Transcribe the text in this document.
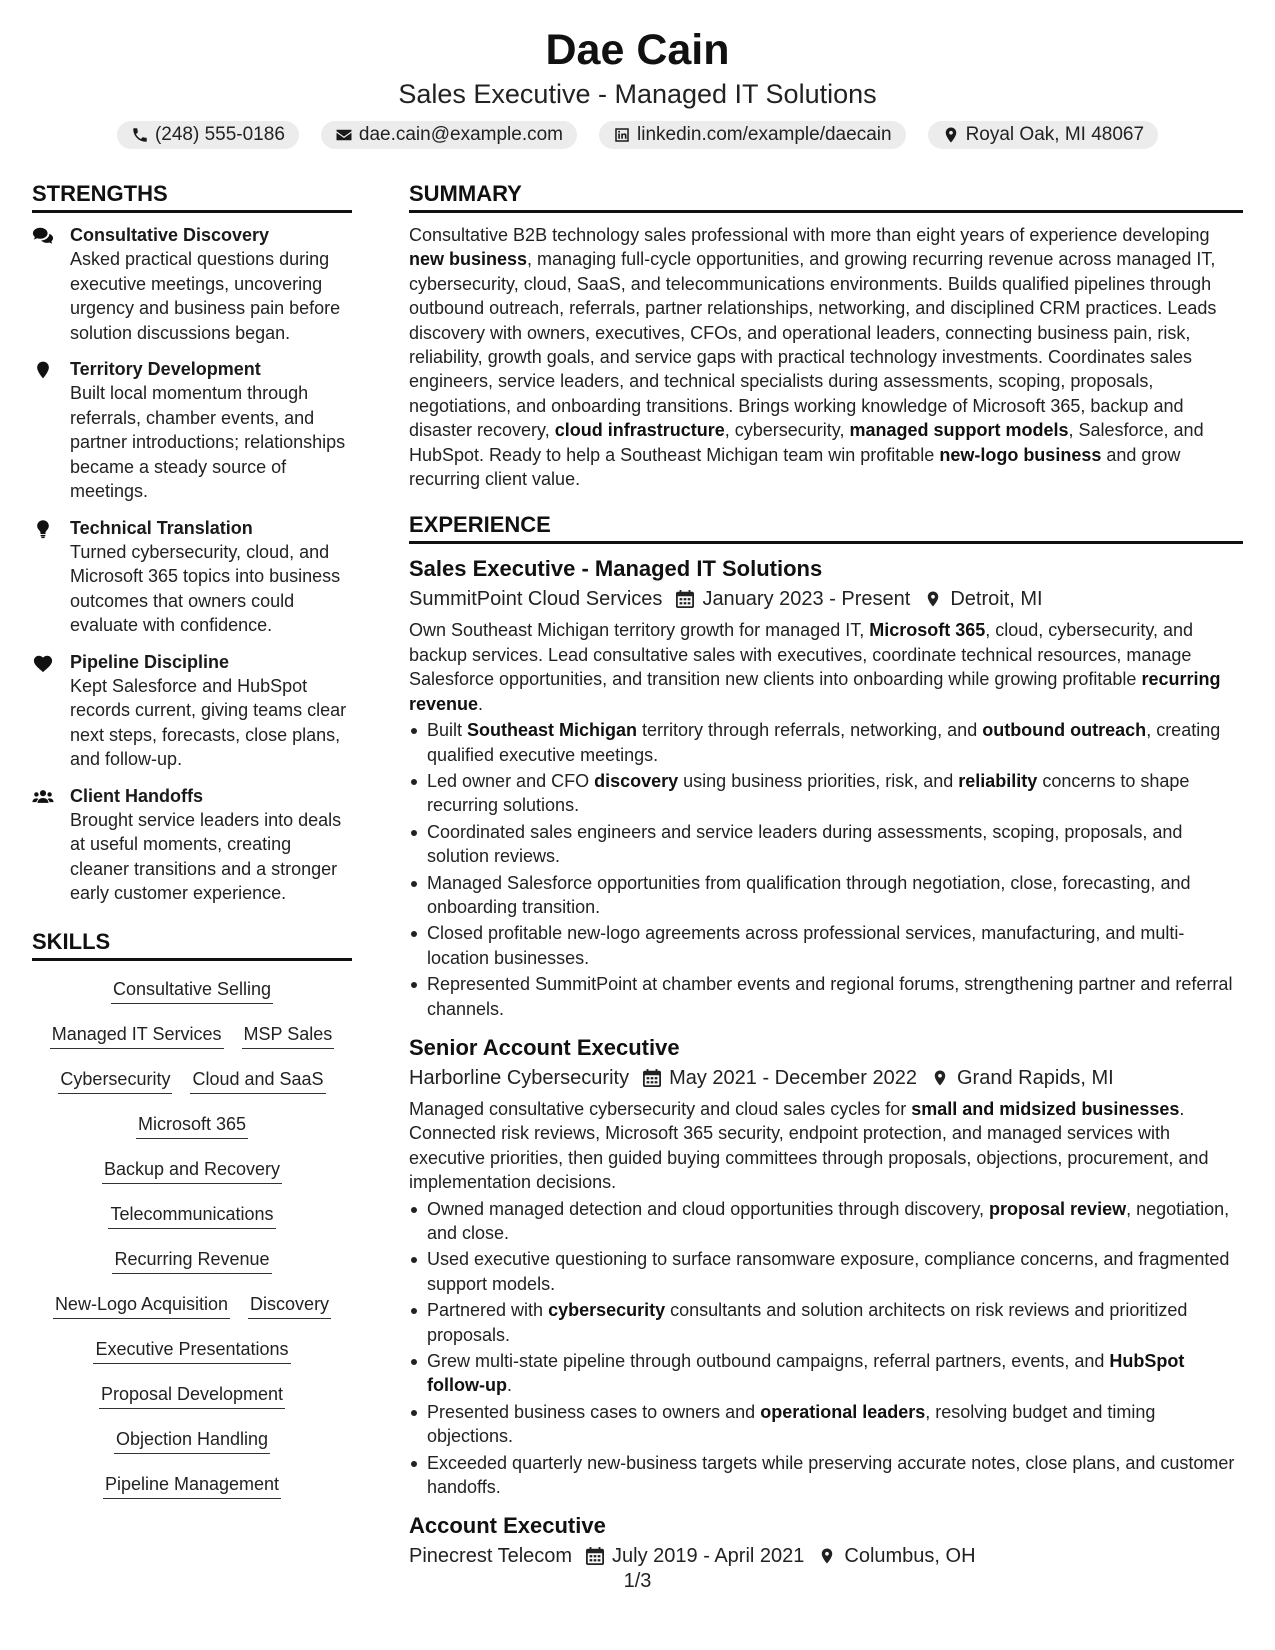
Dae Cain
Sales Executive - Managed IT Solutions
(248) 555-0186	dae.cain@example.com	linkedin.com/example/daecain	Royal Oak, MI 48067
STRENGTHS
Consultative Discovery
Asked practical questions during executive meetings, uncovering urgency and business pain before solution discussions began.
Territory Development
Built local momentum through referrals, chamber events, and partner introductions; relationships became a steady source of meetings.
Technical Translation
Turned cybersecurity, cloud, and Microsoft 365 topics into business outcomes that owners could evaluate with confidence.
Pipeline Discipline
Kept Salesforce and HubSpot records current, giving teams clear next steps, forecasts, close plans, and follow-up.
Client Handoffs
Brought service leaders into deals at useful moments, creating cleaner transitions and a stronger early customer experience.
SKILLS
Consultative Selling
Managed IT Services MSP Sales
Cybersecurity Cloud and SaaS
Microsoft 365
Backup and Recovery
Telecommunications
Recurring Revenue
New-Logo Acquisition Discovery
Executive Presentations
Proposal Development
Objection Handling
Pipeline Management
SUMMARY

Consultative B2B technology sales professional with more than eight years of experience developing new business, managing full-cycle opportunities, and growing recurring revenue across managed IT, cybersecurity, cloud, SaaS, and telecommunications environments. Builds qualified pipelines through outbound outreach, referrals, partner relationships, networking, and disciplined CRM practices. Leads discovery with owners, executives, CFOs, and operational leaders, connecting business pain, risk, reliability, growth goals, and service gaps with practical technology investments. Coordinates sales engineers, service leaders, and technical specialists during assessments, scoping, proposals, negotiations, and onboarding transitions. Brings working knowledge of Microsoft 365, backup and disaster recovery, cloud infrastructure, cybersecurity, managed support models, Salesforce, and HubSpot. Ready to help a Southeast Michigan team win profitable new-logo business and grow recurring client value.

EXPERIENCE
Sales Executive - Managed IT Solutions
SummitPoint Cloud Services January 2023 - Present Detroit, MI
Own Southeast Michigan territory growth for managed IT, Microsoft 365, cloud, cybersecurity, and backup services. Lead consultative sales with executives, coordinate technical resources, manage Salesforce opportunities, and transition new clients into onboarding while growing profitable recurring revenue.
Built Southeast Michigan territory through referrals, networking, and outbound outreach, creating qualified executive meetings.
Led owner and CFO discovery using business priorities, risk, and reliability concerns to shape recurring solutions.
Coordinated sales engineers and service leaders during assessments, scoping, proposals, and solution reviews.
Managed Salesforce opportunities from qualification through negotiation, close, forecasting, and onboarding transition.
Closed profitable new-logo agreements across professional services, manufacturing, and multi-location businesses.
Represented SummitPoint at chamber events and regional forums, strengthening partner and referral channels.
Senior Account Executive
Harborline Cybersecurity May 2021 - December 2022 Grand Rapids, MI
Managed consultative cybersecurity and cloud sales cycles for small and midsized businesses. Connected risk reviews, Microsoft 365 security, endpoint protection, and managed services with executive priorities, then guided buying committees through proposals, objections, procurement, and implementation decisions.
Owned managed detection and cloud opportunities through discovery, proposal review, negotiation, and close.
Used executive questioning to surface ransomware exposure, compliance concerns, and fragmented support models.
Partnered with cybersecurity consultants and solution architects on risk reviews and prioritized proposals.
Grew multi-state pipeline through outbound campaigns, referral partners, events, and HubSpot follow-up.
Presented business cases to owners and operational leaders, resolving budget and timing objections.
Exceeded quarterly new-business targets while preserving accurate notes, close plans, and customer handoffs.
Account Executive
Pinecrest Telecom July 2019 - April 2021 Columbus, OH
1/3
